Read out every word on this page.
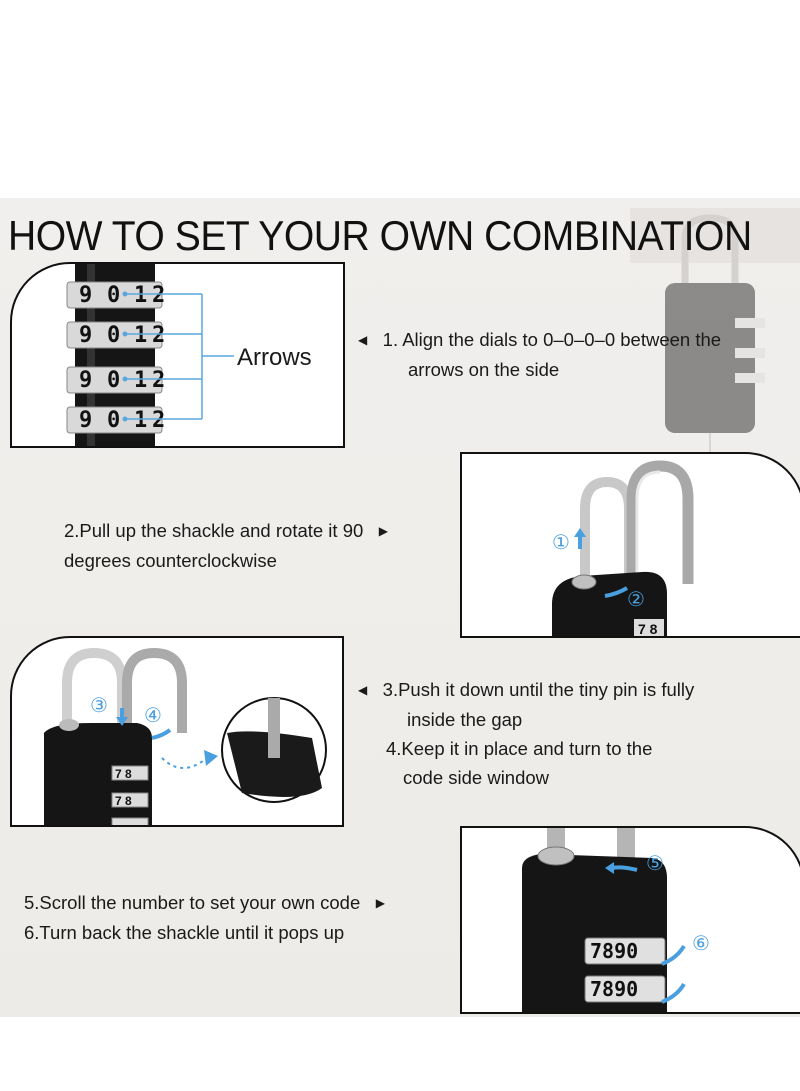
HOW TO SET YOUR OWN COMBINATION
9 0 1 2
9 0 1 2
9 0 1 2
9 0 1 2
Arrows
◀ 1. Align the dials to 0–0–0–0 between the
arrows on the side
7 8
①
②
2.Pull up the shackle and rotate it 90 ▶
degrees counterclockwise
7 8
7 8
③ ④
◀ 3.Push it down until the tiny pin is fully
inside the gap
4.Keep it in place and turn to the
code side window
7890
7890
⑤
⑥
5.Scroll the number to set your own code ▶
6.Turn back the shackle until it pops up
